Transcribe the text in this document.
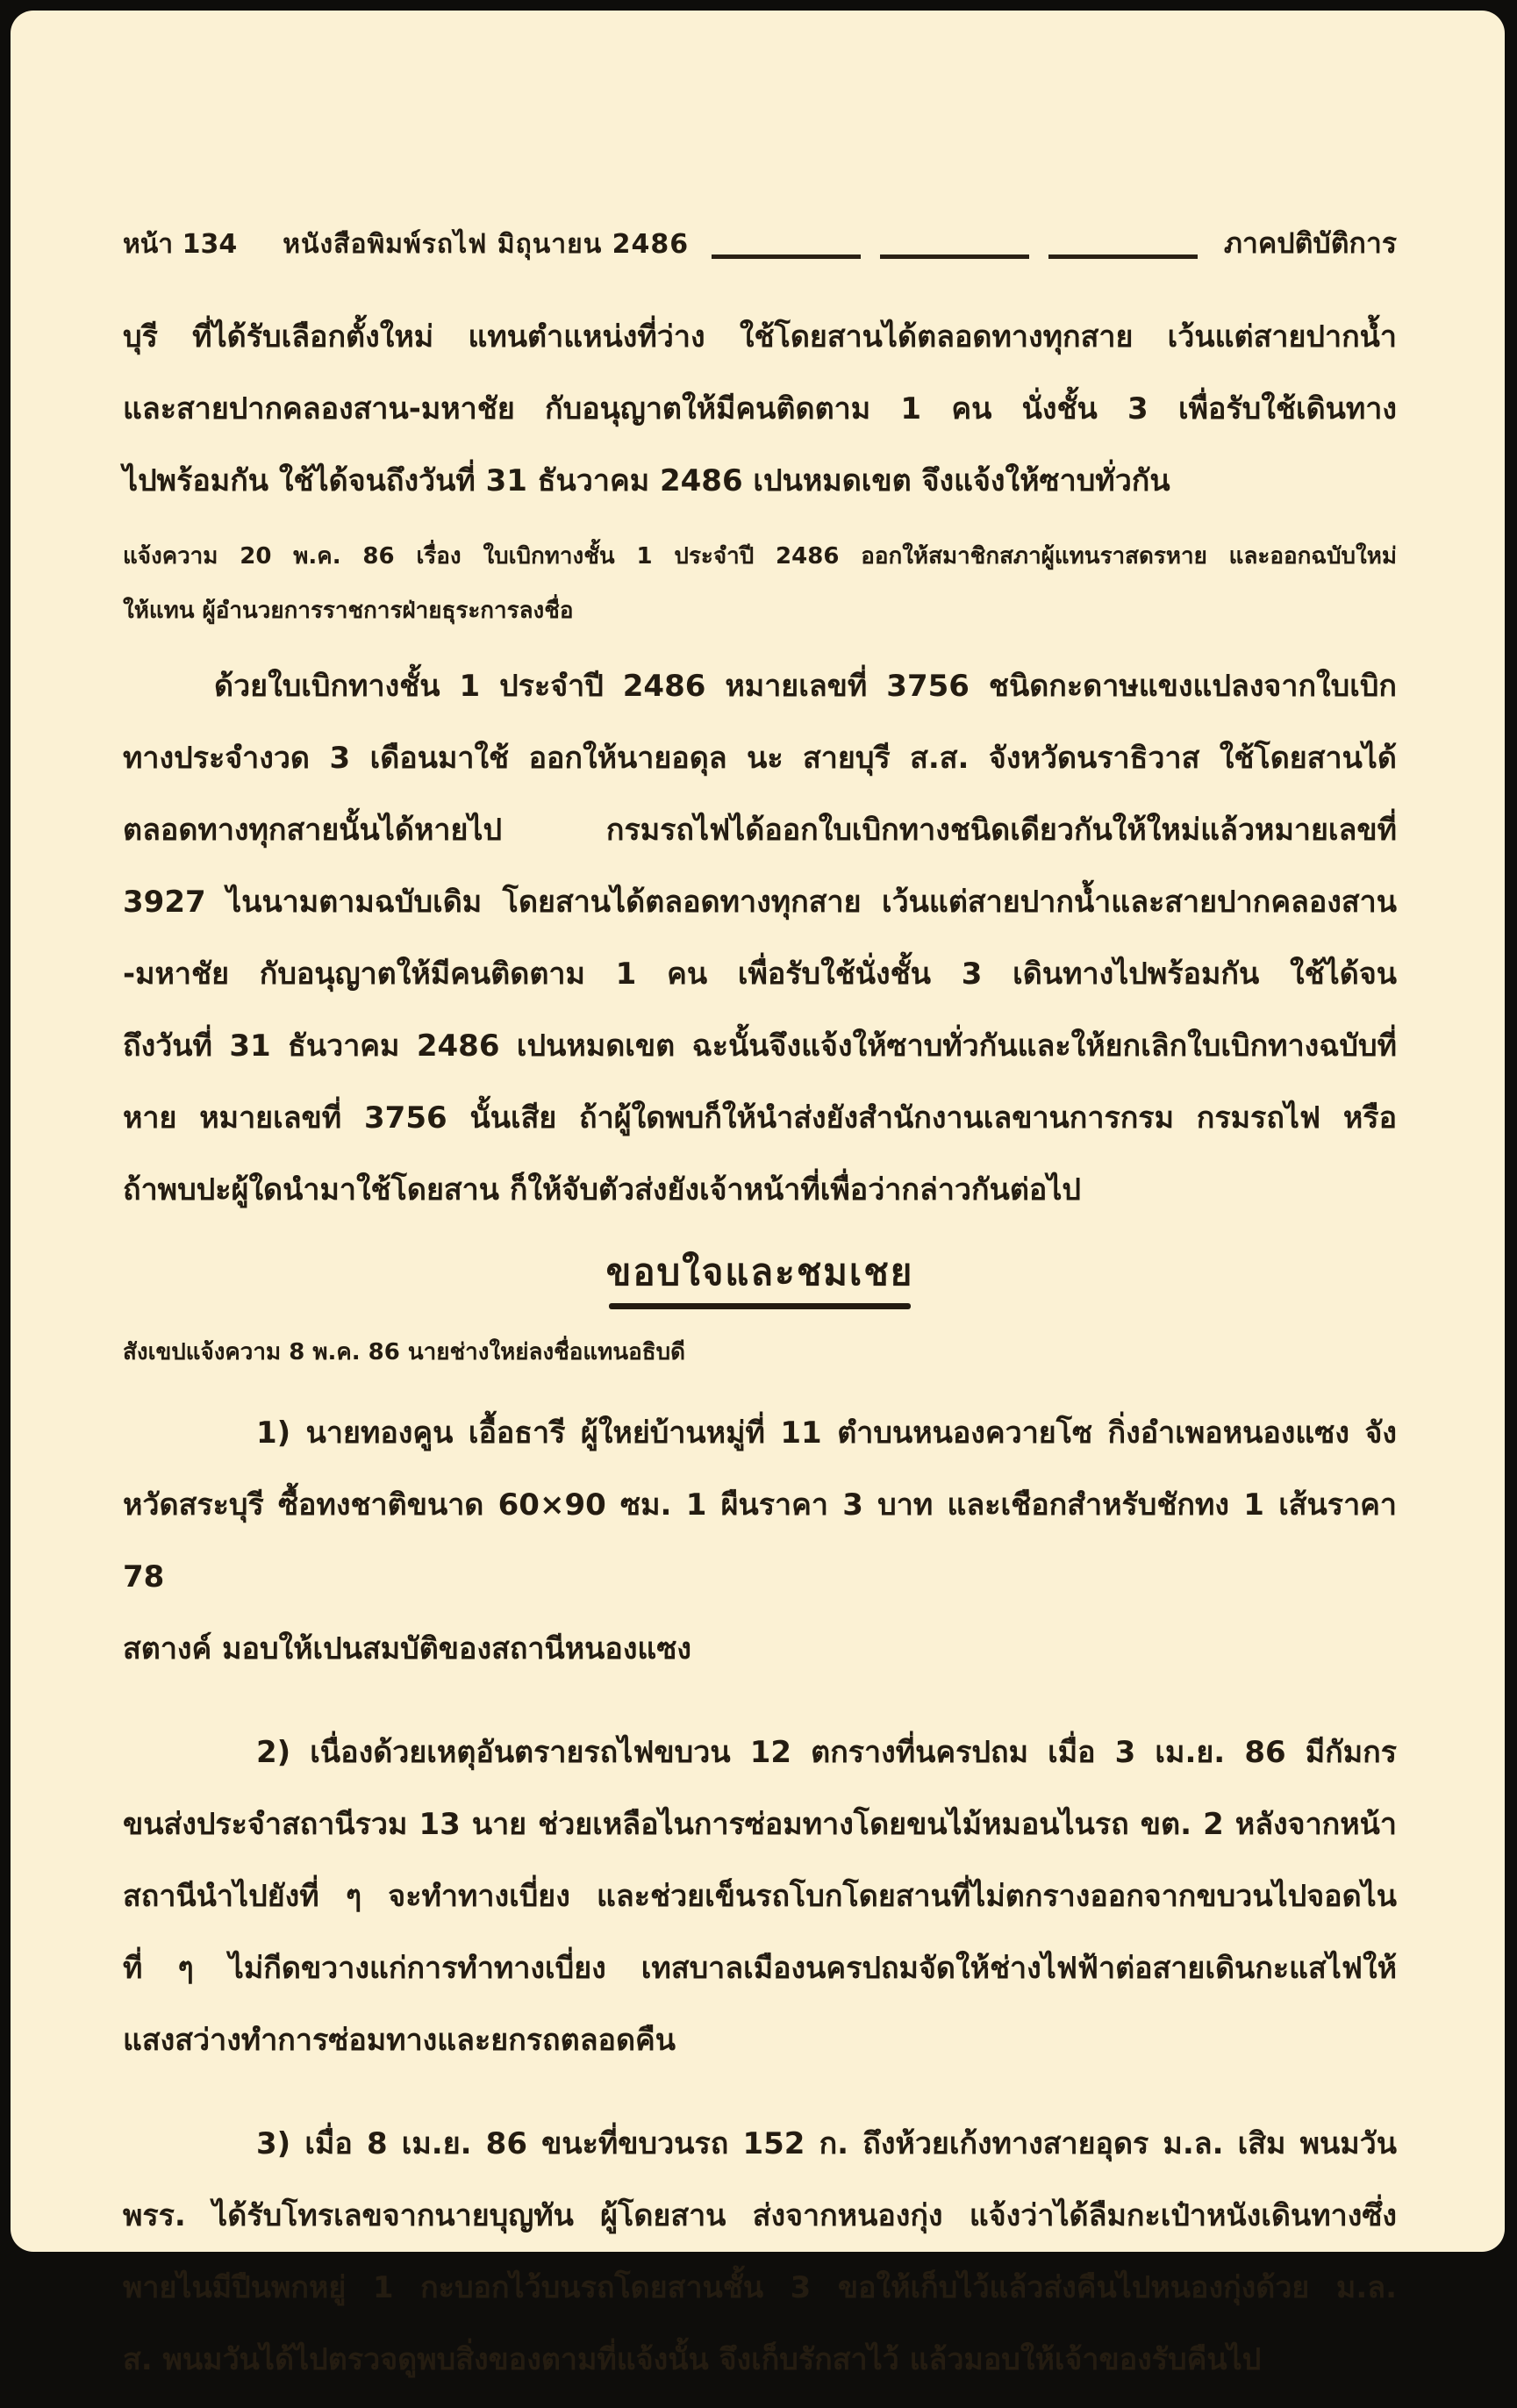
หน้า 134 หนังสือพิมพ์รถไฟ มิถุนายน 2486	ภาคปติบัติการ
บุรี ที่ได้รับเลือกตั้งใหม่ แทนตำแหน่งที่ว่าง ใช้โดยสานได้ตลอดทางทุกสาย เว้นแต่สายปากน้ำ
และสายปากคลองสาน-มหาชัย กับอนุญาตให้มีคนติดตาม 1 คน นั่งชั้น 3 เพื่อรับใช้เดินทาง
ไปพร้อมกัน ใช้ได้จนถึงวันที่ 31 ธันวาคม 2486 เปนหมดเขต จึงแจ้งให้ซาบทั่วกัน
แจ้งความ 20 พ.ค. 86 เรื่อง ใบเบิกทางชั้น 1 ประจำปี 2486 ออกให้สมาชิกสภาผู้แทนราสดรหาย และออกฉบับใหม่
ให้แทน ผู้อำนวยการราชการฝ่ายธุระการลงชื่อ
ด้วยใบเบิกทางชั้น 1 ประจำปี 2486 หมายเลขที่ 3756 ชนิดกะดาษแขงแปลงจากใบเบิก
ทางประจำงวด 3 เดือนมาใช้ ออกให้นายอดุล นะ สายบุรี ส.ส. จังหวัดนราธิวาส ใช้โดยสานได้
ตลอดทางทุกสายนั้นได้หายไป กรมรถไฟได้ออกใบเบิกทางชนิดเดียวกันให้ใหม่แล้วหมายเลขที่
3927 ไนนามตามฉบับเดิม โดยสานได้ตลอดทางทุกสาย เว้นแต่สายปากน้ำและสายปากคลองสาน
-มหาชัย กับอนุญาตให้มีคนติดตาม 1 คน เพื่อรับใช้นั่งชั้น 3 เดินทางไปพร้อมกัน ใช้ได้จน
ถึงวันที่ 31 ธันวาคม 2486 เปนหมดเขต ฉะนั้นจึงแจ้งให้ซาบทั่วกันและให้ยกเลิกใบเบิกทางฉบับที่
หาย หมายเลขที่ 3756 นั้นเสีย ถ้าผู้ใดพบก็ให้นำส่งยังสำนักงานเลขานการกรม กรมรถไฟ หรือ
ถ้าพบปะผู้ใดนำมาใช้โดยสาน ก็ให้จับตัวส่งยังเจ้าหน้าที่เพื่อว่ากล่าวกันต่อไป
ขอบใจและชมเชย
สังเขปแจ้งความ 8 พ.ค. 86 นายช่างใหย่ลงชื่อแทนอธิบดี
1) นายทองคูน เอื้อธารี ผู้ใหย่บ้านหมู่ที่ 11 ตำบนหนองควายโซ กิ่งอำเพอหนองแซง จัง
หวัดสระบุรี ซื้อทงชาติขนาด 60×90 ซม. 1 ผืนราคา 3 บาท และเชือกสำหรับชักทง 1 เส้นราคา 78
สตางค์ มอบให้เปนสมบัติของสถานีหนองแซง
2) เนื่องด้วยเหตุอันตรายรถไฟขบวน 12 ตกรางที่นครปถม เมื่อ 3 เม.ย. 86 มีกัมกร
ขนส่งประจำสถานีรวม 13 นาย ช่วยเหลือไนการซ่อมทางโดยขนไม้หมอนไนรถ ขต. 2 หลังจากหน้า
สถานีนำไปยังที่ ๆ จะทำทางเบี่ยง และช่วยเข็นรถโบกโดยสานที่ไม่ตกรางออกจากขบวนไปจอดไน
ที่ ๆ ไม่กีดขวางแก่การทำทางเบี่ยง เทสบาลเมืองนครปถมจัดให้ช่างไฟฟ้าต่อสายเดินกะแสไฟให้
แสงสว่างทำการซ่อมทางและยกรถตลอดคืน
3) เมื่อ 8 เม.ย. 86 ขนะที่ขบวนรถ 152 ก. ถึงห้วยเก้งทางสายอุดร ม.ล. เสิม พนมวัน
พรร. ได้รับโทรเลขจากนายบุญทัน ผู้โดยสาน ส่งจากหนองกุ่ง แจ้งว่าได้ลืมกะเป๋าหนังเดินทางซึ่ง
พายไนมีปืนพกหยู่ 1 กะบอกไว้บนรถโดยสานชั้น 3 ขอให้เก็บไว้แล้วส่งคืนไปหนองกุ่งด้วย ม.ล.
ส. พนมวันได้ไปตรวจดูพบสิ่งของตามที่แจ้งนั้น จึงเก็บรักสาไว้ แล้วมอบให้เจ้าของรับคืนไป
